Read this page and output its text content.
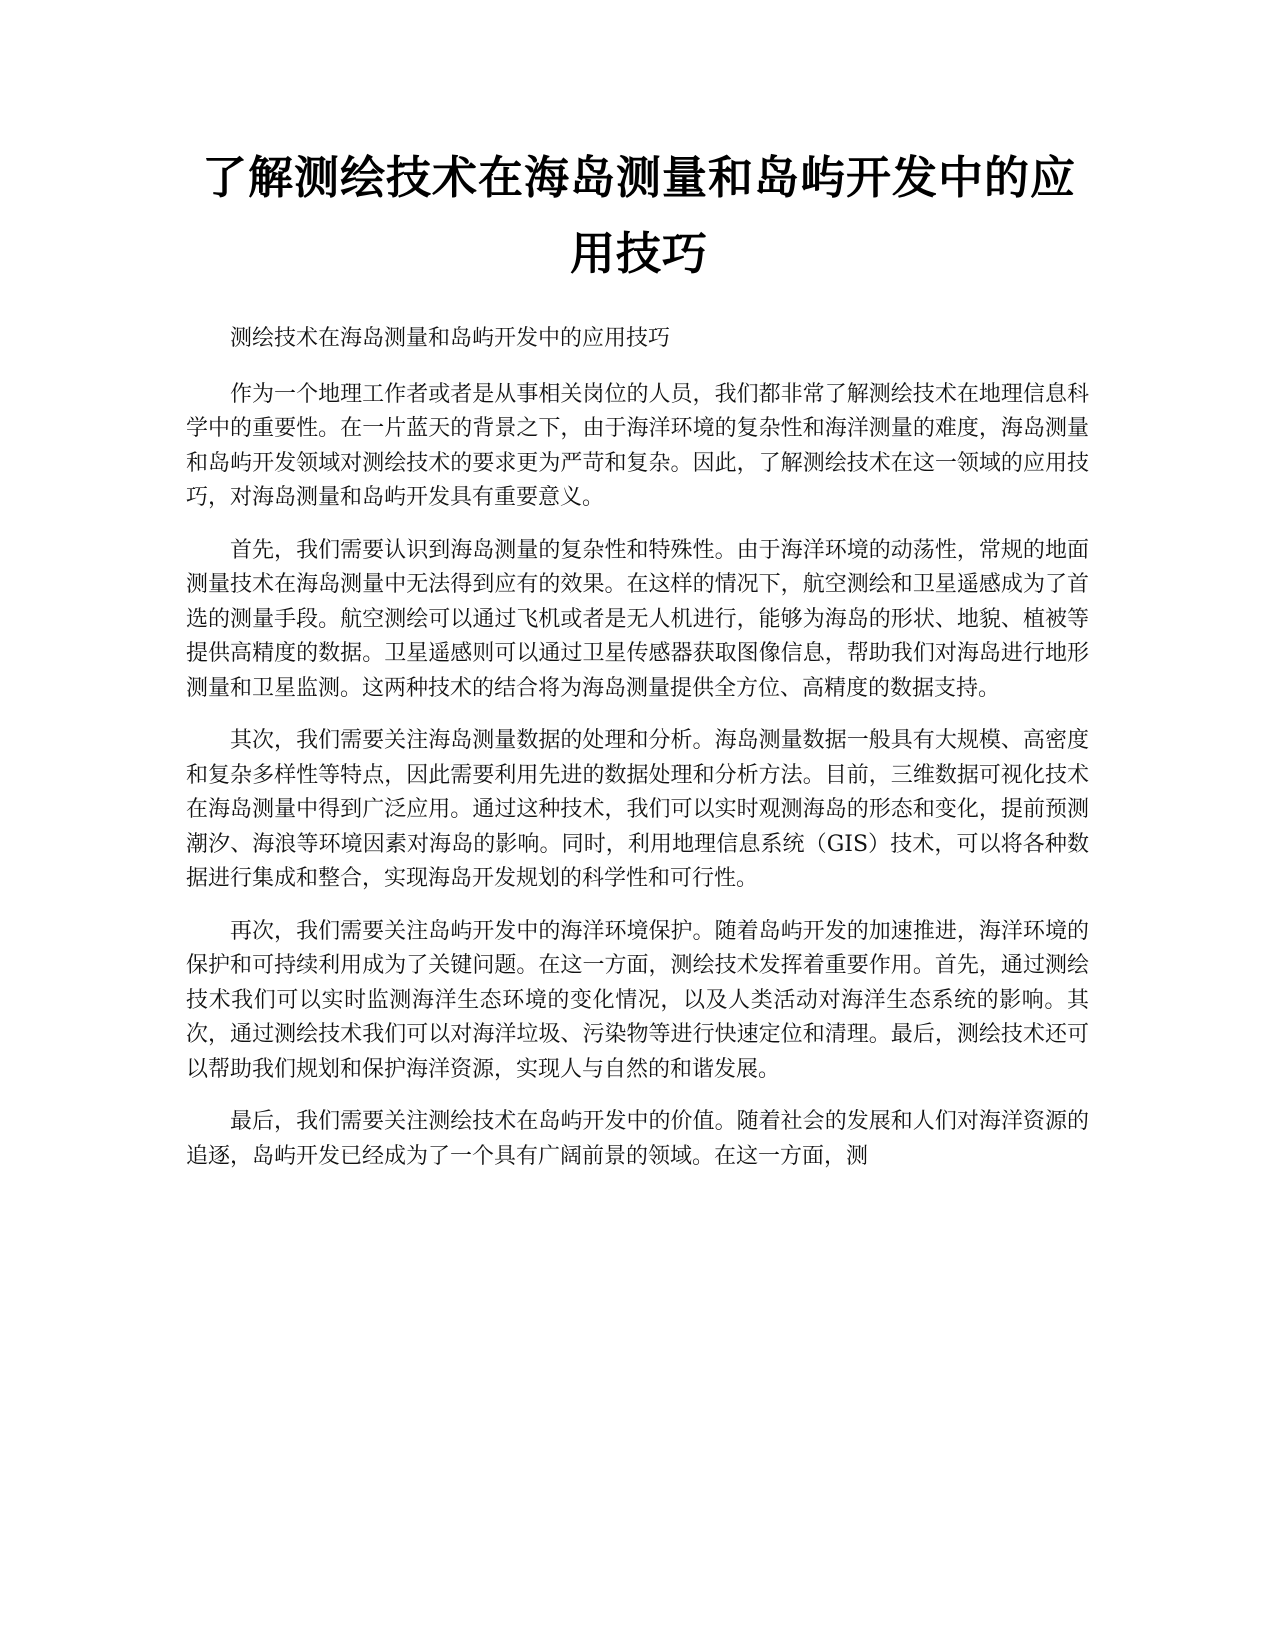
了解测绘技术在海岛测量和岛屿开发中的应用技巧

测绘技术在海岛测量和岛屿开发中的应用技巧

作为一个地理工作者或者是从事相关岗位的人员，我们都非常了解测绘技术在地理信息科学中的重要性。在一片蓝天的背景之下，由于海洋环境的复杂性和海洋测量的难度，海岛测量和岛屿开发领域对测绘技术的要求更为严苛和复杂。因此，了解测绘技术在这一领域的应用技巧，对海岛测量和岛屿开发具有重要意义。

首先，我们需要认识到海岛测量的复杂性和特殊性。由于海洋环境的动荡性，常规的地面测量技术在海岛测量中无法得到应有的效果。在这样的情况下，航空测绘和卫星遥感成为了首选的测量手段。航空测绘可以通过飞机或者是无人机进行，能够为海岛的形状、地貌、植被等提供高精度的数据。卫星遥感则可以通过卫星传感器获取图像信息，帮助我们对海岛进行地形测量和卫星监测。这两种技术的结合将为海岛测量提供全方位、高精度的数据支持。

其次，我们需要关注海岛测量数据的处理和分析。海岛测量数据一般具有大规模、高密度和复杂多样性等特点，因此需要利用先进的数据处理和分析方法。目前，三维数据可视化技术在海岛测量中得到广泛应用。通过这种技术，我们可以实时观测海岛的形态和变化，提前预测潮汐、海浪等环境因素对海岛的影响。同时，利用地理信息系统（GIS）技术，可以将各种数据进行集成和整合，实现海岛开发规划的科学性和可行性。

再次，我们需要关注岛屿开发中的海洋环境保护。随着岛屿开发的加速推进，海洋环境的保护和可持续利用成为了关键问题。在这一方面，测绘技术发挥着重要作用。首先，通过测绘技术我们可以实时监测海洋生态环境的变化情况，以及人类活动对海洋生态系统的影响。其次，通过测绘技术我们可以对海洋垃圾、污染物等进行快速定位和清理。最后，测绘技术还可以帮助我们规划和保护海洋资源，实现人与自然的和谐发展。

最后，我们需要关注测绘技术在岛屿开发中的价值。随着社会的发展和人们对海洋资源的追逐，岛屿开发已经成为了一个具有广阔前景的领域。在这一方面，测
